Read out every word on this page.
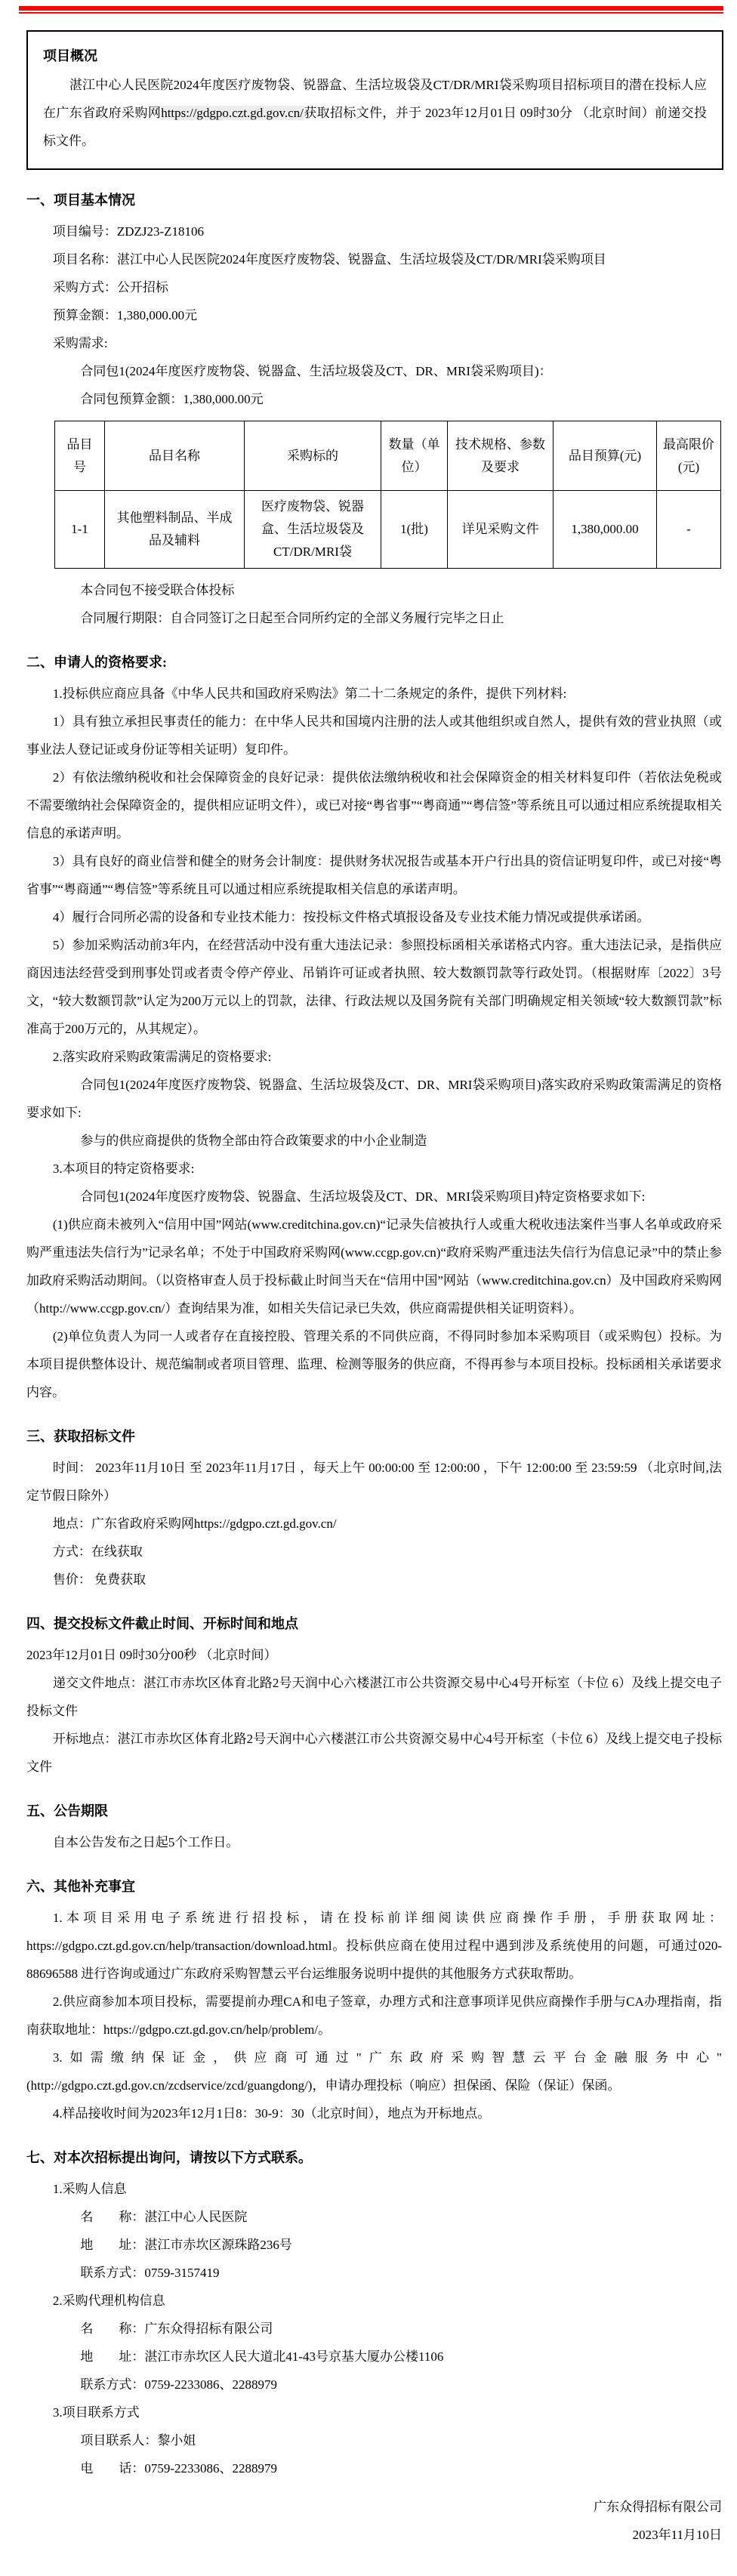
项目概况

湛江中心人民医院2024年度医疗废物袋、锐器盒、生活垃圾袋及CT/DR/MRI袋采购项目招标项目的潜在投标人应在广东省政府采购网https://gdgpo.czt.gd.gov.cn/获取招标文件，并于 2023年12月01日 09时30分 （北京时间）前递交投标文件。

一、项目基本情况

项目编号：ZDZJ23-Z18106

项目名称：湛江中心人民医院2024年度医疗废物袋、锐器盒、生活垃圾袋及CT/DR/MRI袋采购项目

采购方式：公开招标

预算金额：1,380,000.00元

采购需求:

合同包1(2024年度医疗废物袋、锐器盒、生活垃圾袋及CT、DR、MRI袋采购项目)：

合同包预算金额：1,380,000.00元

品目号	品目名称	采购标的	数量（单位）	技术规格、参数及要求	品目预算(元)	最高限价(元)
1-1	其他塑料制品、半成品及辅料	医疗废物袋、锐器盒、生活垃圾袋及CT/DR/MRI袋	1(批)	详见采购文件	1,380,000.00	-

本合同包不接受联合体投标

合同履行期限：自合同签订之日起至合同所约定的全部义务履行完毕之日止

二、申请人的资格要求:

1.投标供应商应具备《中华人民共和国政府采购法》第二十二条规定的条件，提供下列材料:

1）具有独立承担民事责任的能力：在中华人民共和国境内注册的法人或其他组织或自然人，提供有效的营业执照（或事业法人登记证或身份证等相关证明）复印件。

2）有依法缴纳税收和社会保障资金的良好记录：提供依法缴纳税收和社会保障资金的相关材料复印件（若依法免税或不需要缴纳社会保障资金的，提供相应证明文件），或已对接“粤省事”“粤商通”“粤信签”等系统且可以通过相应系统提取相关信息的承诺声明。

3）具有良好的商业信誉和健全的财务会计制度：提供财务状况报告或基本开户行出具的资信证明复印件，或已对接“粤省事”“粤商通”“粤信签”等系统且可以通过相应系统提取相关信息的承诺声明。

4）履行合同所必需的设备和专业技术能力：按投标文件格式填报设备及专业技术能力情况或提供承诺函。

5）参加采购活动前3年内，在经营活动中没有重大违法记录：参照投标函相关承诺格式内容。重大违法记录，是指供应商因违法经营受到刑事处罚或者责令停产停业、吊销许可证或者执照、较大数额罚款等行政处罚。（根据财库〔2022〕3号文，“较大数额罚款”认定为200万元以上的罚款，法律、行政法规以及国务院有关部门明确规定相关领域“较大数额罚款”标准高于200万元的，从其规定）。

2.落实政府采购政策需满足的资格要求:

合同包1(2024年度医疗废物袋、锐器盒、生活垃圾袋及CT、DR、MRI袋采购项目)落实政府采购政策需满足的资格要求如下:

参与的供应商提供的货物全部由符合政策要求的中小企业制造

3.本项目的特定资格要求:

合同包1(2024年度医疗废物袋、锐器盒、生活垃圾袋及CT、DR、MRI袋采购项目)特定资格要求如下:

(1)供应商未被列入“信用中国”网站(www.creditchina.gov.cn)“记录失信被执行人或重大税收违法案件当事人名单或政府采购严重违法失信行为”记录名单；不处于中国政府采购网(www.ccgp.gov.cn)“政府采购严重违法失信行为信息记录”中的禁止参加政府采购活动期间。（以资格审查人员于投标截止时间当天在“信用中国”网站（www.creditchina.gov.cn）及中国政府采购网（http://www.ccgp.gov.cn/）查询结果为准，如相关失信记录已失效，供应商需提供相关证明资料）。

(2)单位负责人为同一人或者存在直接控股、管理关系的不同供应商，不得同时参加本采购项目（或采购包）投标。为本项目提供整体设计、规范编制或者项目管理、监理、检测等服务的供应商，不得再参与本项目投标。投标函相关承诺要求内容。

三、获取招标文件

时间： 2023年11月10日 至 2023年11月17日 ，每天上午 00:00:00 至 12:00:00 ，下午 12:00:00 至 23:59:59 （北京时间,法定节假日除外）

地点：广东省政府采购网https://gdgpo.czt.gd.gov.cn/

方式：在线获取

售价： 免费获取

四、提交投标文件截止时间、开标时间和地点

2023年12月01日 09时30分00秒 （北京时间）

递交文件地点：湛江市赤坎区体育北路2号天润中心六楼湛江市公共资源交易中心4号开标室（卡位 6）及线上提交电子投标文件

开标地点：湛江市赤坎区体育北路2号天润中心六楼湛江市公共资源交易中心4号开标室（卡位 6）及线上提交电子投标文件

五、公告期限

自本公告发布之日起5个工作日。

六、其他补充事宜

1.本项目采用电子系统进行招投标，请在投标前详细阅读供应商操作手册，手册获取网址：https://gdgpo.czt.gd.gov.cn/help/transaction/download.html。投标供应商在使用过程中遇到涉及系统使用的问题，可通过020-88696588 进行咨询或通过广东政府采购智慧云平台运维服务说明中提供的其他服务方式获取帮助。

2.供应商参加本项目投标，需要提前办理CA和电子签章，办理方式和注意事项详见供应商操作手册与CA办理指南，指南获取地址：https://gdgpo.czt.gd.gov.cn/help/problem/。

3.如需缴纳保证金，供应商可通过"广东政府采购智慧云平台金融服务中心"(http://gdgpo.czt.gd.gov.cn/zcdservice/zcd/guangdong/)，申请办理投标（响应）担保函、保险（保证）保函。

4.样品接收时间为2023年12月1日8：30-9：30（北京时间），地点为开标地点。

七、对本次招标提出询问，请按以下方式联系。

1.采购人信息

名　　称：湛江中心人民医院

地　　址：湛江市赤坎区源珠路236号

联系方式：0759-3157419

2.采购代理机构信息

名　　称：广东众得招标有限公司

地　　址：湛江市赤坎区人民大道北41-43号京基大厦办公楼1106

联系方式：0759-2233086、2288979

3.项目联系方式

项目联系人：黎小姐

电　　话：0759-2233086、2288979

广东众得招标有限公司

2023年11月10日
